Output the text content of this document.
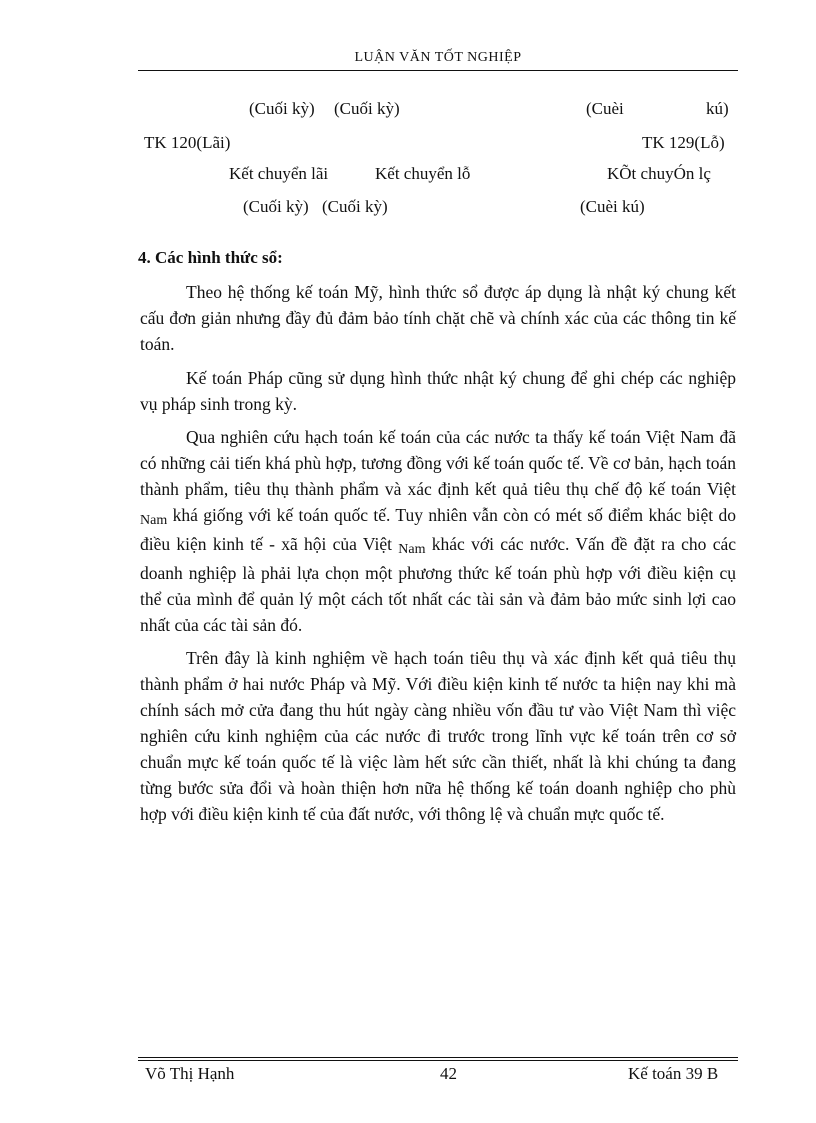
LUẬN VĂN TỐT NGHIỆP
(Cuối kỳ) (Cuối kỳ)	(Cuèi	kú)
TK 120(Lãi)	TK 129(Lỗ)
Kết chuyển lãi	Kết chuyển lỗ	KÕt chuyÓn lç
(Cuối kỳ) (Cuối kỳ)	(Cuèi kú)
4. Các hình thức sổ:

Theo hệ thống kế toán Mỹ, hình thức sổ được áp dụng là nhật ký chung kết cấu đơn giản nhưng đầy đủ đảm bảo tính chặt chẽ và chính xác của các thông tin kế toán.

Kế toán Pháp cũng sử dụng hình thức nhật ký chung để ghi chép các nghiệp vụ pháp sinh trong kỳ.

Qua nghiên cứu hạch toán kế toán của các nước ta thấy kế toán Việt Nam đã có những cải tiến khá phù hợp, tương đồng với kế toán quốc tế. Về cơ bản, hạch toán thành phẩm, tiêu thụ thành phẩm và xác định kết quả tiêu thụ chế độ kế toán Việt Nam khá giống với kế toán quốc tế. Tuy nhiên vẫn còn có mét số điểm khác biệt do điều kiện kinh tế - xã hội của Việt Nam khác với các nước. Vấn đề đặt ra cho các doanh nghiệp là phải lựa chọn một phương thức kế toán phù hợp với điều kiện cụ thể của mình để quản lý một cách tốt nhất các tài sản và đảm bảo mức sinh lợi cao nhất của các tài sản đó.

Trên đây là kinh nghiệm về hạch toán tiêu thụ và xác định kết quả tiêu thụ thành phẩm ở hai nước Pháp và Mỹ. Với điều kiện kinh tế nước ta hiện nay khi mà chính sách mở cửa đang thu hút ngày càng nhiều vốn đầu tư vào Việt Nam thì việc nghiên cứu kinh nghiệm của các nước đi trước trong lĩnh vực kế toán trên cơ sở chuẩn mực kế toán quốc tế là việc làm hết sức cần thiết, nhất là khi chúng ta đang từng bước sửa đổi và hoàn thiện hơn nữa hệ thống kế toán doanh nghiệp cho phù hợp với điều kiện kinh tế của đất nước, với thông lệ và chuẩn mực quốc tế.

Võ Thị Hạnh	42	Kế toán 39 B
